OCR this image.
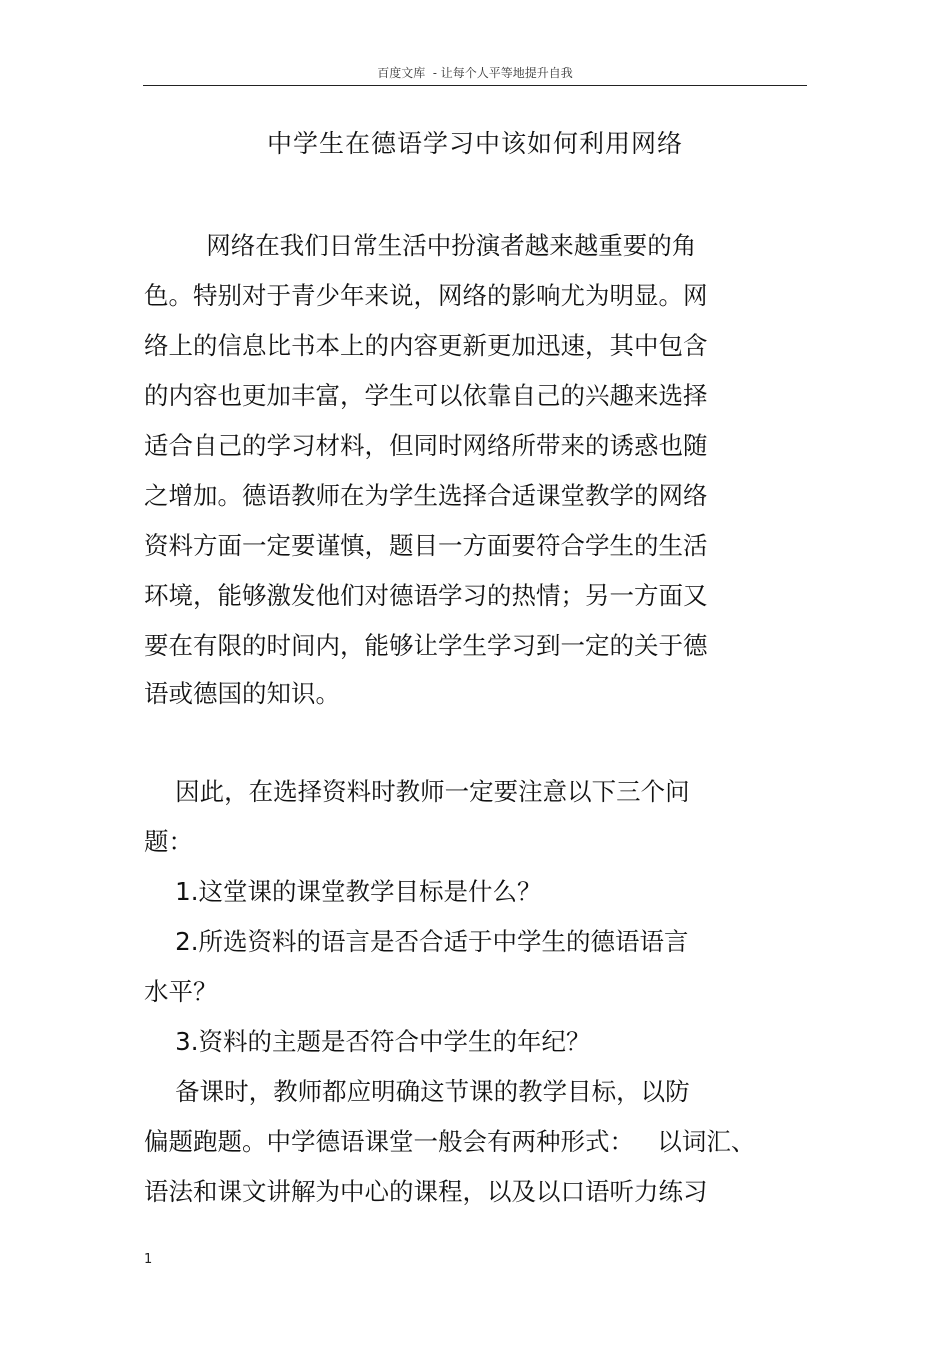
百度文库  - 让每个人平等地提升自我
中学生在德语学习中该如何利用网络
网络在我们日常生活中扮演者越来越重要的角
色。特别对于青少年来说，网络的影响尤为明显。网
络上的信息比书本上的内容更新更加迅速，其中包含
的内容也更加丰富，学生可以依靠自己的兴趣来选择
适合自己的学习材料，但同时网络所带来的诱惑也随
之增加。德语教师在为学生选择合适课堂教学的网络
资料方面一定要谨慎，题目一方面要符合学生的生活
环境，能够激发他们对德语学习的热情；另一方面又
要在有限的时间内，能够让学生学习到一定的关于德
语或德国的知识。
因此，在选择资料时教师一定要注意以下三个问
题：
1.这堂课的课堂教学目标是什么？
2.所选资料的语言是否合适于中学生的德语语言
水平？
3.资料的主题是否符合中学生的年纪？
备课时，教师都应明确这节课的教学目标，以防
偏题跑题。中学德语课堂一般会有两种形式：   以词汇、
语法和课文讲解为中心的课程，以及以口语听力练习
1
